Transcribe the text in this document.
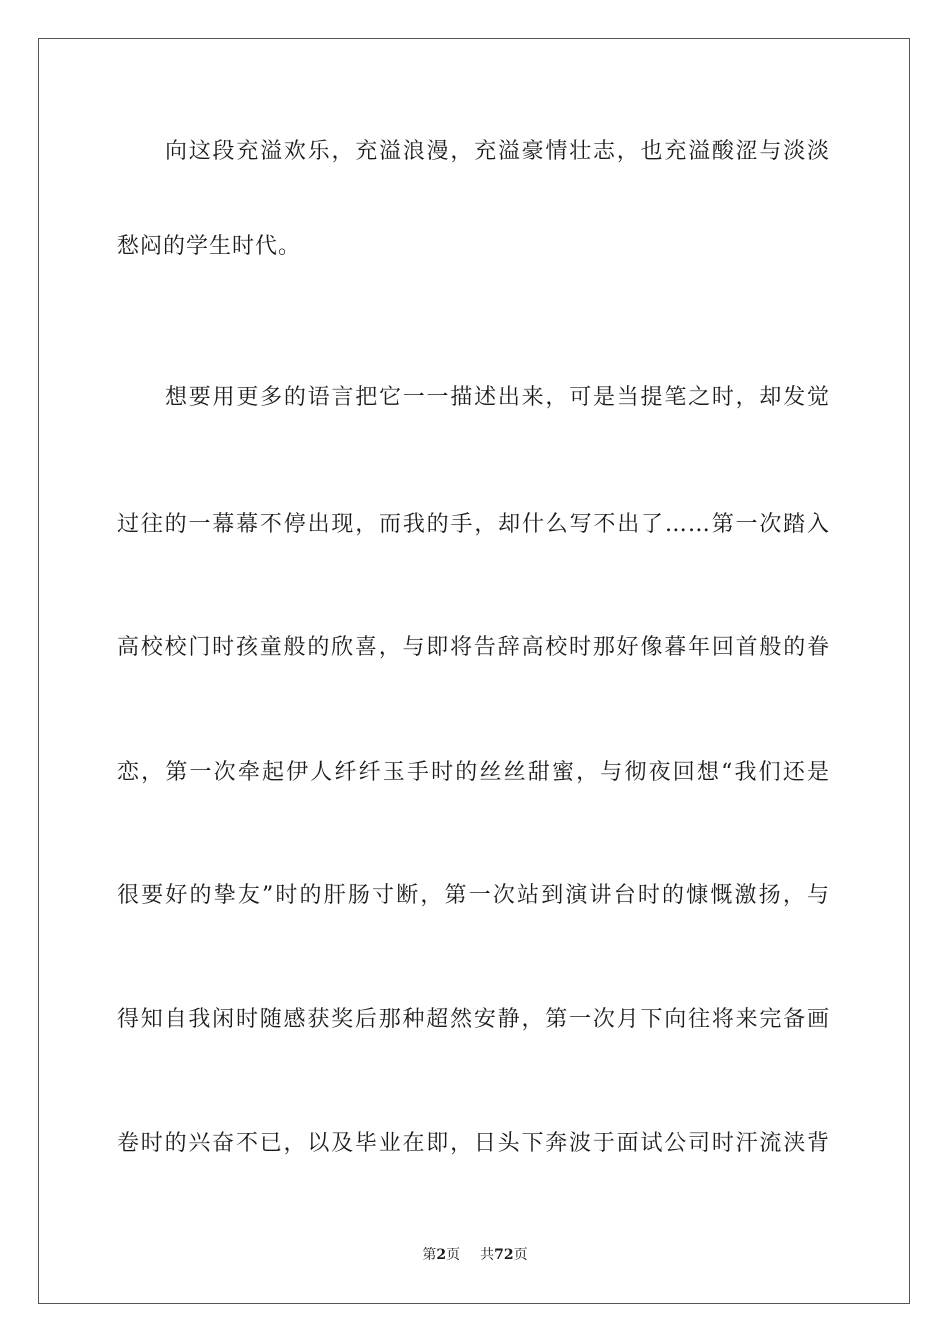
向这段充溢欢乐，充溢浪漫，充溢豪情壮志，也充溢酸涩与淡淡
愁闷的学生时代。
想要用更多的语言把它一一描述出来，可是当提笔之时，却发觉
过往的一幕幕不停出现，而我的手，却什么写不出了……第一次踏入
高校校门时孩童般的欣喜，与即将告辞高校时那好像暮年回首般的眷
恋，第一次牵起伊人纤纤玉手时的丝丝甜蜜，与彻夜回想“我们还是
很要好的挚友”时的肝肠寸断，第一次站到演讲台时的慷慨激扬，与
得知自我闲时随感获奖后那种超然安静，第一次月下向往将来完备画
卷时的兴奋不已，以及毕业在即，日头下奔波于面试公司时汗流浃背
第2页 共72页
